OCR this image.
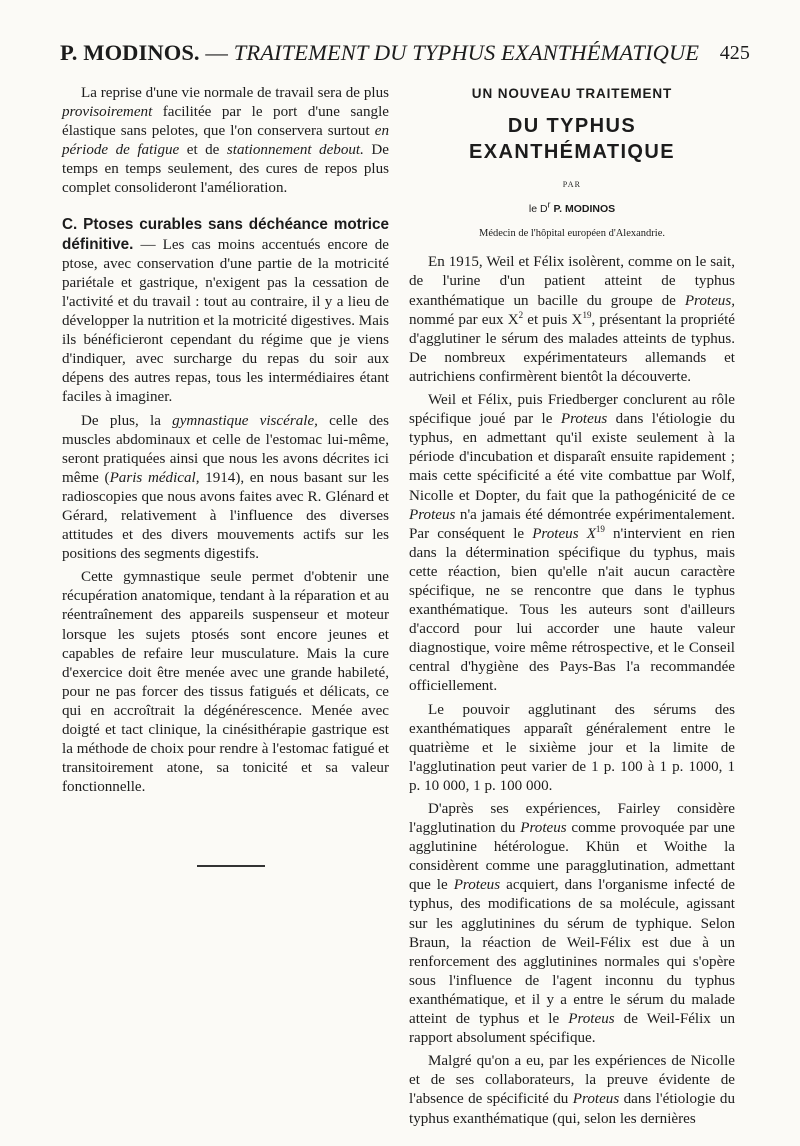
P. MODINOS. — TRAITEMENT DU TYPHUS EXANTHÉMATIQUE 425

La reprise d'une vie normale de travail sera de plus provisoirement facilitée par le port d'une sangle élastique sans pelotes, que l'on conservera surtout en période de fatigue et de stationnement debout. De temps en temps seulement, des cures de repos plus complet consolideront l'amélioration.

C. Ptoses curables sans déchéance motrice définitive. — Les cas moins accentués encore de ptose, avec conservation d'une partie de la motricité pariétale et gastrique, n'exigent pas la cessation de l'activité et du travail : tout au contraire, il y a lieu de développer la nutrition et la motricité digestives. Mais ils bénéficieront cependant du régime que je viens d'indiquer, avec surcharge du repas du soir aux dépens des autres repas, tous les intermédiaires étant faciles à imaginer.

De plus, la gymnastique viscérale, celle des muscles abdominaux et celle de l'estomac lui-même, seront pratiquées ainsi que nous les avons décrites ici même (Paris médical, 1914), en nous basant sur les radioscopies que nous avons faites avec R. Glénard et Gérard, relativement à l'influence des diverses attitudes et des divers mouvements actifs sur les positions des segments digestifs.

Cette gymnastique seule permet d'obtenir une récupération anatomique, tendant à la réparation et au réentraînement des appareils suspenseur et moteur lorsque les sujets ptosés sont encore jeunes et capables de refaire leur musculature. Mais la cure d'exercice doit être menée avec une grande habileté, pour ne pas forcer des tissus fatigués et délicats, ce qui en accroîtrait la dégénérescence. Menée avec doigté et tact clinique, la cinésithérapie gastrique est la méthode de choix pour rendre à l'estomac fatigué et transitoirement atone, sa tonicité et sa valeur fonctionnelle.

UN NOUVEAU TRAITEMENT
DU TYPHUS
EXANTHÉMATIQUE
PAR
le $D^r$ P. MODINOS
Médecin de l'hôpital européen d'Alexandrie.

En 1915, Weil et Félix isolèrent, comme on le sait, de l'urine d'un patient atteint de typhus exanthématique un bacille du groupe de Proteus, nommé par eux $X^2$ et puis $X^{19}$, présentant la propriété d'agglutiner le sérum des malades atteints de typhus. De nombreux expérimentateurs allemands et autrichiens confirmèrent bientôt la découverte.

Weil et Félix, puis Friedberger conclurent au rôle spécifique joué par le Proteus dans l'étiologie du typhus, en admettant qu'il existe seulement à la période d'incubation et disparaît ensuite rapidement ; mais cette spécificité a été vite combattue par Wolf, Nicolle et Dopter, du fait que la pathogénicité de ce Proteus n'a jamais été démontrée expérimentalement. Par conséquent le Proteus $X^{19}$ n'intervient en rien dans la détermination spécifique du typhus, mais cette réaction, bien qu'elle n'ait aucun caractère spécifique, ne se rencontre que dans le typhus exanthématique. Tous les auteurs sont d'ailleurs d'accord pour lui accorder une haute valeur diagnostique, voire même rétrospective, et le Conseil central d'hygiène des Pays-Bas l'a recommandée officiellement.

Le pouvoir agglutinant des sérums des exanthématiques apparaît généralement entre le quatrième et le sixième jour et la limite de l'agglutination peut varier de 1 p. 100 à 1 p. 1000, 1 p. 10 000, 1 p. 100 000.

D'après ses expériences, Fairley considère l'agglutination du Proteus comme provoquée par une agglutinine hétérologue. Khün et Woithe la considèrent comme une paragglutination, admettant que le Proteus acquiert, dans l'organisme infecté de typhus, des modifications de sa molécule, agissant sur les agglutinines du sérum de typhique. Selon Braun, la réaction de Weil-Félix est due à un renforcement des agglutinines normales qui s'opère sous l'influence de l'agent inconnu du typhus exanthématique, et il y a entre le sérum du malade atteint de typhus et le Proteus de Weil-Félix un rapport absolument spécifique.

Malgré qu'on a eu, par les expériences de Nicolle et de ses collaborateurs, la preuve évidente de l'absence de spécificité du Proteus dans l'étiologie du typhus exanthématique (qui, selon les dernières
